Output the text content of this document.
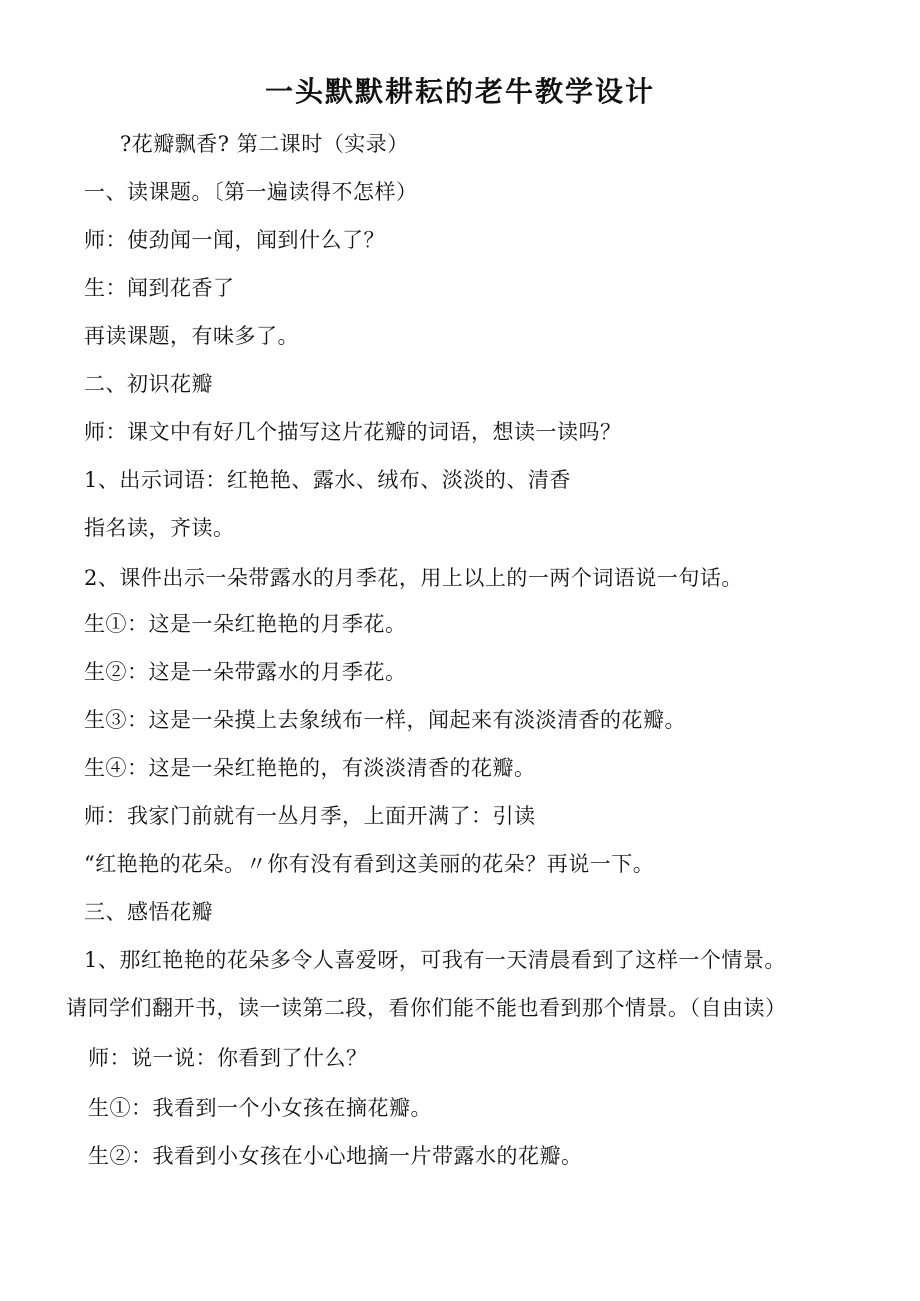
一头默默耕耘的老牛教学设计
?花瓣飘香? 第二课时（实录）
一、读课题。〔第一遍读得不怎样）
师：使劲闻一闻，闻到什么了？
生：闻到花香了
再读课题，有味多了。
二、初识花瓣
师：课文中有好几个描写这片花瓣的词语，想读一读吗？
1、出示词语：红艳艳、露水、绒布、淡淡的、清香
指名读，齐读。
2、课件出示一朵带露水的月季花，用上以上的一两个词语说一句话。
生①：这是一朵红艳艳的月季花。
生②：这是一朵带露水的月季花。
生③：这是一朵摸上去象绒布一样，闻起来有淡淡清香的花瓣。
生④：这是一朵红艳艳的，有淡淡清香的花瓣。
师：我家门前就有一丛月季，上面开满了：引读
“红艳艳的花朵。〃你有没有看到这美丽的花朵？再说一下。
三、感悟花瓣
1、那红艳艳的花朵多令人喜爱呀，可我有一天清晨看到了这样一个情景。
请同学们翻开书，读一读第二段，看你们能不能也看到那个情景。（自由读）
师：说一说：你看到了什么？
生①：我看到一个小女孩在摘花瓣。
生②：我看到小女孩在小心地摘一片带露水的花瓣。
